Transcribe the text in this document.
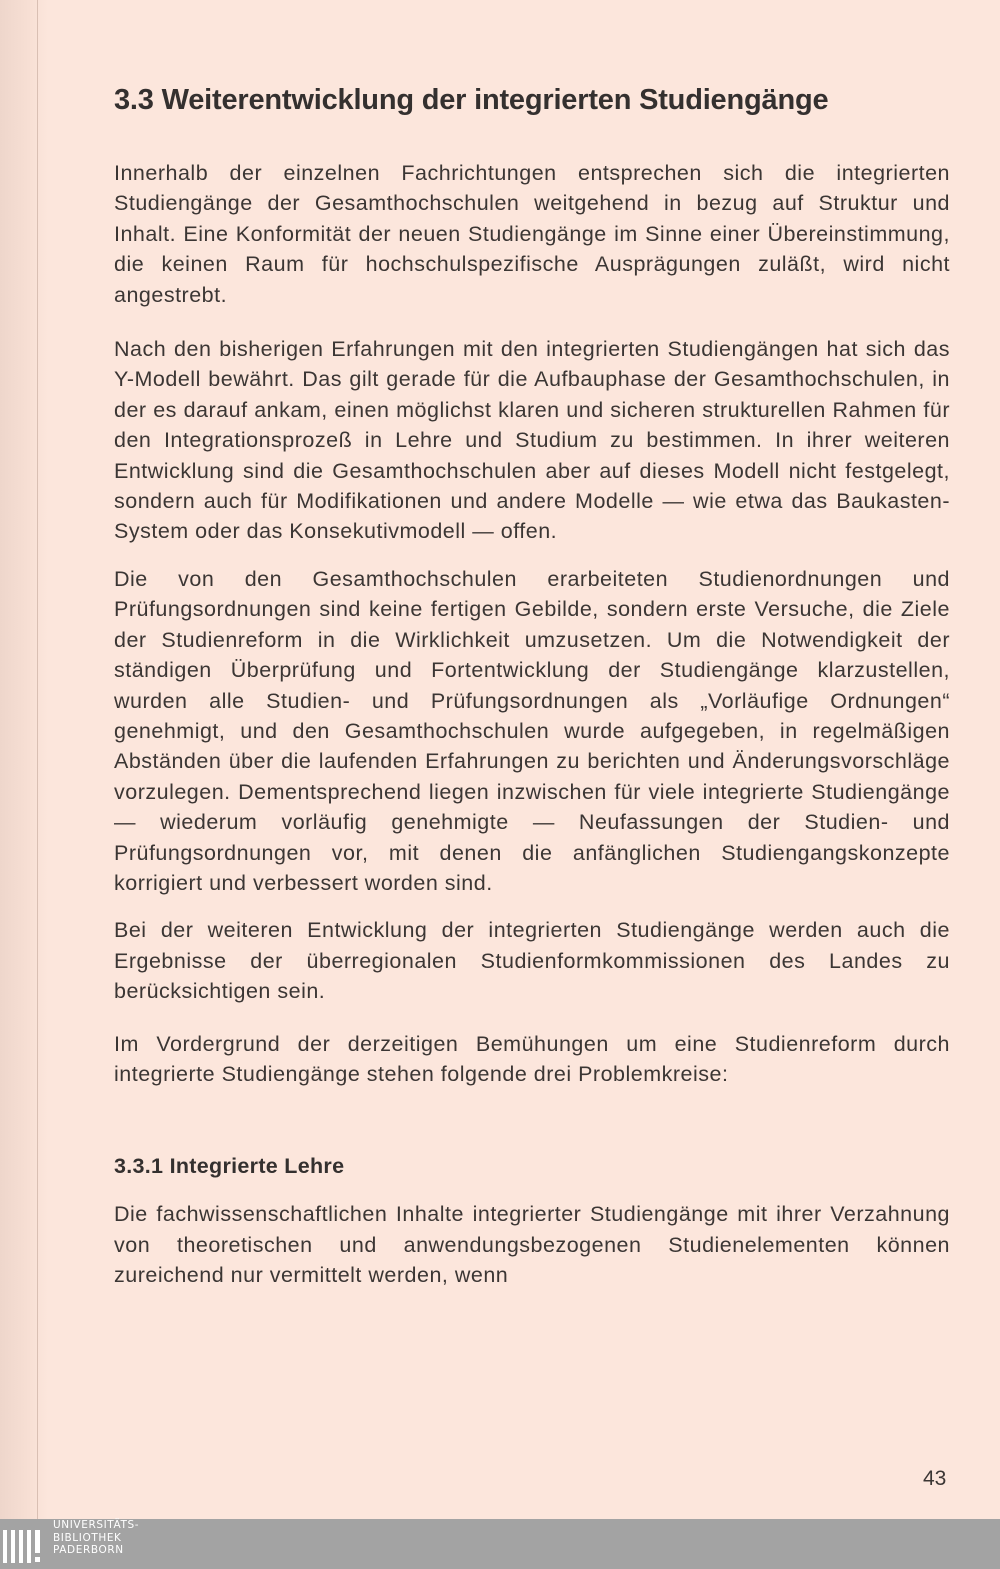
3.3 Weiterentwicklung der integrierten Studiengänge

Innerhalb der einzelnen Fachrichtungen entsprechen sich die integrierten Studiengänge der Gesamthochschulen weitgehend in bezug auf Struktur und Inhalt. Eine Konformität der neuen Studiengänge im Sinne einer Übereinstimmung, die keinen Raum für hochschulspezifische Ausprägungen zuläßt, wird nicht angestrebt.

Nach den bisherigen Erfahrungen mit den integrierten Studiengängen hat sich das Y-Modell bewährt. Das gilt gerade für die Aufbauphase der Gesamthochschulen, in der es darauf ankam, einen möglichst klaren und sicheren strukturellen Rahmen für den Integrationsprozeß in Lehre und Studium zu bestimmen. In ihrer weiteren Entwicklung sind die Gesamthochschulen aber auf dieses Modell nicht festgelegt, sondern auch für Modifikationen und andere Modelle — wie etwa das Baukasten-System oder das Konsekutivmodell — offen.

Die von den Gesamthochschulen erarbeiteten Studienordnungen und Prüfungsordnungen sind keine fertigen Gebilde, sondern erste Versuche, die Ziele der Studienreform in die Wirklichkeit umzusetzen. Um die Notwendigkeit der ständigen Überprüfung und Fortentwicklung der Studiengänge klarzustellen, wurden alle Studien- und Prüfungsordnungen als „Vorläufige Ordnungen“ genehmigt, und den Gesamthochschulen wurde aufgegeben, in regelmäßigen Abständen über die laufenden Erfahrungen zu berichten und Änderungsvorschläge vorzulegen. Dementsprechend liegen inzwischen für viele integrierte Studiengänge — wiederum vorläufig genehmigte — Neufassungen der Studien- und Prüfungsordnungen vor, mit denen die anfänglichen Studiengangskonzepte korrigiert und verbessert worden sind.

Bei der weiteren Entwicklung der integrierten Studiengänge werden auch die Ergebnisse der überregionalen Studienformkommissionen des Landes zu berücksichtigen sein.

Im Vordergrund der derzeitigen Bemühungen um eine Studienreform durch integrierte Studiengänge stehen folgende drei Problemkreise:

3.3.1 Integrierte Lehre

Die fachwissenschaftlichen Inhalte integrierter Studiengänge mit ihrer Verzahnung von theoretischen und anwendungsbezogenen Studienelementen können zureichend nur vermittelt werden, wenn

43
UNIVERSITÄTS-
BIBLIOTHEK
PADERBORN
